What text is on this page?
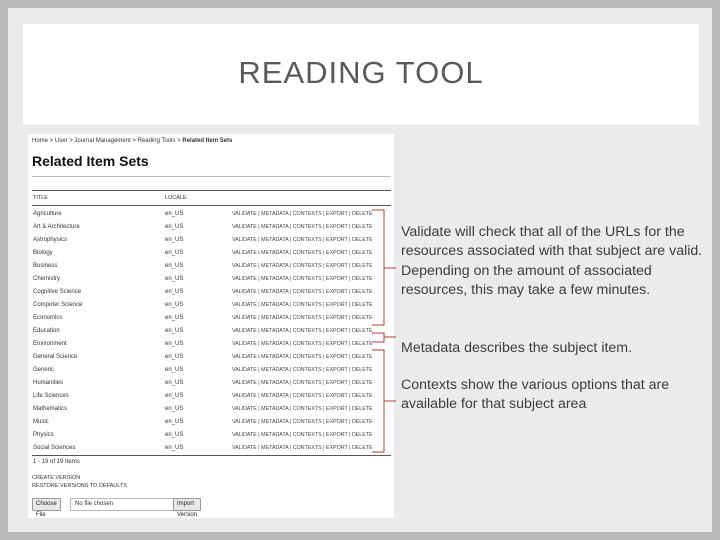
READING TOOL
Home > User > Journal Management > Reading Tools > Related Item Sets
Related Item Sets
TITLE	LOCALE
Agriculture	en_US	VALIDATE | METADATA | CONTEXTS | EXPORT | DELETE
Art & Architecture	en_US	VALIDATE | METADATA | CONTEXTS | EXPORT | DELETE
Astrophysics	en_US	VALIDATE | METADATA | CONTEXTS | EXPORT | DELETE
Biology	en_US	VALIDATE | METADATA | CONTEXTS | EXPORT | DELETE
Business	en_US	VALIDATE | METADATA | CONTEXTS | EXPORT | DELETE
Chemistry	en_US	VALIDATE | METADATA | CONTEXTS | EXPORT | DELETE
Cognitive Science	en_US	VALIDATE | METADATA | CONTEXTS | EXPORT | DELETE
Computer Science	en_US	VALIDATE | METADATA | CONTEXTS | EXPORT | DELETE
Economics	en_US	VALIDATE | METADATA | CONTEXTS | EXPORT | DELETE
Education	en_US	VALIDATE | METADATA | CONTEXTS | EXPORT | DELETE
Environment	en_US	VALIDATE | METADATA | CONTEXTS | EXPORT | DELETE
General Science	en_US	VALIDATE | METADATA | CONTEXTS | EXPORT | DELETE
Generic	en_US	VALIDATE | METADATA | CONTEXTS | EXPORT | DELETE
Humanities	en_US	VALIDATE | METADATA | CONTEXTS | EXPORT | DELETE
Life Sciences	en_US	VALIDATE | METADATA | CONTEXTS | EXPORT | DELETE
Mathematics	en_US	VALIDATE | METADATA | CONTEXTS | EXPORT | DELETE
Music	en_US	VALIDATE | METADATA | CONTEXTS | EXPORT | DELETE
Physics	en_US	VALIDATE | METADATA | CONTEXTS | EXPORT | DELETE
Social Sciences	en_US	VALIDATE | METADATA | CONTEXTS | EXPORT | DELETE
1 - 19 of 19 Items
CREATE VERSION
RESTORE VERSIONS TO DEFAULTS
Choose File
No file chosen	Import Version
Validate will check that all of the URLs for the resources associated with that subject are valid. Depending on the amount of associated resources, this may take a few minutes.
Metadata describes the subject item.
Contexts show the various options that are available for that subject area
